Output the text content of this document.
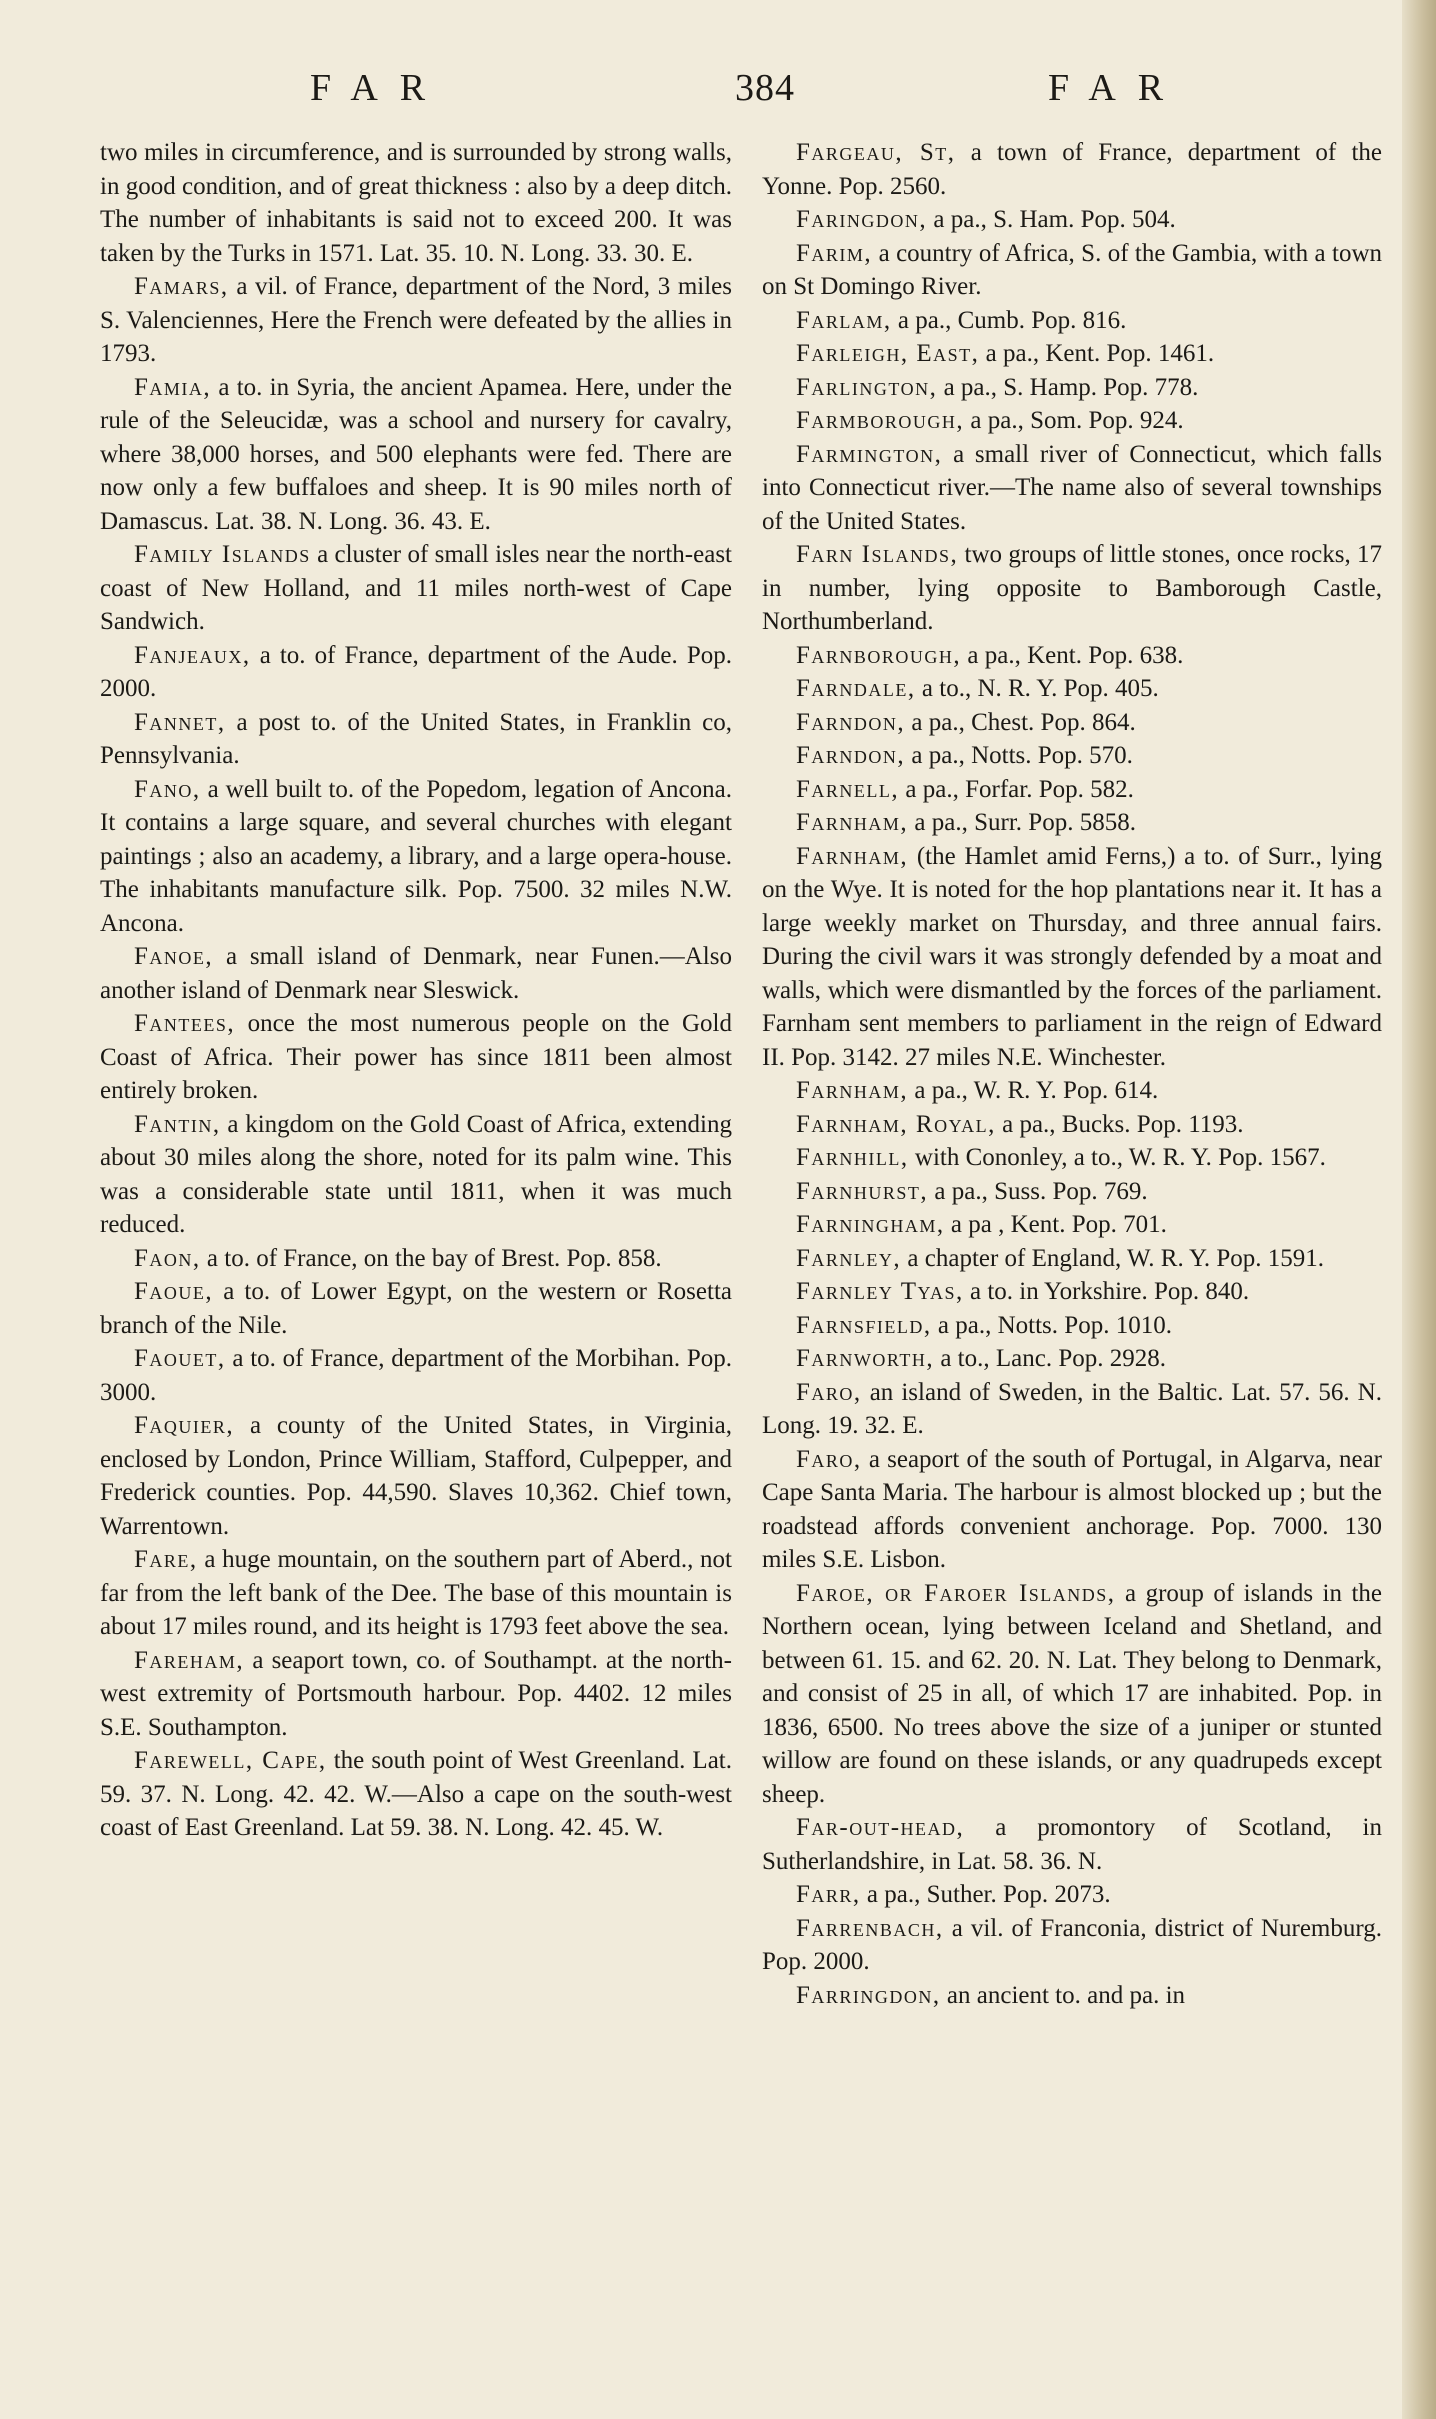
FAR	384	FAR

two miles in circumference, and is surrounded by strong walls, in good condition, and of great thickness : also by a deep ditch. The number of inhabitants is said not to exceed 200. It was taken by the Turks in 1571. Lat. 35. 10. N. Long. 33. 30. E.

Famars, a vil. of France, department of the Nord, 3 miles S. Valenciennes, Here the French were defeated by the allies in 1793.

Famia, a to. in Syria, the ancient Apamea. Here, under the rule of the Seleucidæ, was a school and nursery for cavalry, where 38,000 horses, and 500 elephants were fed. There are now only a few buffaloes and sheep. It is 90 miles north of Damascus. Lat. 38. N. Long. 36. 43. E.

Family Islands a cluster of small isles near the north-east coast of New Holland, and 11 miles north-west of Cape Sandwich.

Fanjeaux, a to. of France, department of the Aude. Pop. 2000.

Fannet, a post to. of the United States, in Franklin co, Pennsylvania.

Fano, a well built to. of the Popedom, legation of Ancona. It contains a large square, and several churches with elegant paintings ; also an academy, a library, and a large opera-house. The inhabitants manufacture silk. Pop. 7500. 32 miles N.W. Ancona.

Fanoe, a small island of Denmark, near Funen.—Also another island of Denmark near Sleswick.

Fantees, once the most numerous people on the Gold Coast of Africa. Their power has since 1811 been almost entirely broken.

Fantin, a kingdom on the Gold Coast of Africa, extending about 30 miles along the shore, noted for its palm wine. This was a considerable state until 1811, when it was much reduced.

Faon, a to. of France, on the bay of Brest. Pop. 858.

Faoue, a to. of Lower Egypt, on the western or Rosetta branch of the Nile.

Faouet, a to. of France, department of the Morbihan. Pop. 3000.

Faquier, a county of the United States, in Virginia, enclosed by London, Prince William, Stafford, Culpepper, and Frederick counties. Pop. 44,590. Slaves 10,362. Chief town, Warrentown.

Fare, a huge mountain, on the southern part of Aberd., not far from the left bank of the Dee. The base of this mountain is about 17 miles round, and its height is 1793 feet above the sea.

Fareham, a seaport town, co. of Southampt. at the north-west extremity of Portsmouth harbour. Pop. 4402. 12 miles S.E. Southampton.

Farewell, Cape, the south point of West Greenland. Lat. 59. 37. N. Long. 42. 42. W.—Also a cape on the south-west coast of East Greenland. Lat 59. 38. N. Long. 42. 45. W.

Fargeau, St, a town of France, department of the Yonne. Pop. 2560.

Faringdon, a pa., S. Ham. Pop. 504.

Farim, a country of Africa, S. of the Gambia, with a town on St Domingo River.

Farlam, a pa., Cumb. Pop. 816.

Farleigh, East, a pa., Kent. Pop. 1461.

Farlington, a pa., S. Hamp. Pop. 778.

Farmborough, a pa., Som. Pop. 924.

Farmington, a small river of Connecticut, which falls into Connecticut river.—The name also of several townships of the United States.

Farn Islands, two groups of little stones, once rocks, 17 in number, lying opposite to Bamborough Castle, Northumberland.

Farnborough, a pa., Kent. Pop. 638.

Farndale, a to., N. R. Y. Pop. 405.

Farndon, a pa., Chest. Pop. 864.

Farndon, a pa., Notts. Pop. 570.

Farnell, a pa., Forfar. Pop. 582.

Farnham, a pa., Surr. Pop. 5858.

Farnham, (the Hamlet amid Ferns,) a to. of Surr., lying on the Wye. It is noted for the hop plantations near it. It has a large weekly market on Thursday, and three annual fairs. During the civil wars it was strongly defended by a moat and walls, which were dismantled by the forces of the parliament. Farnham sent members to parliament in the reign of Edward II. Pop. 3142. 27 miles N.E. Winchester.

Farnham, a pa., W. R. Y. Pop. 614.

Farnham, Royal, a pa., Bucks. Pop. 1193.

Farnhill, with Cononley, a to., W. R. Y. Pop. 1567.

Farnhurst, a pa., Suss. Pop. 769.

Farningham, a pa , Kent. Pop. 701.

Farnley, a chapter of England, W. R. Y. Pop. 1591.

Farnley Tyas, a to. in Yorkshire. Pop. 840.

Farnsfield, a pa., Notts. Pop. 1010.

Farnworth, a to., Lanc. Pop. 2928.

Faro, an island of Sweden, in the Baltic. Lat. 57. 56. N. Long. 19. 32. E.

Faro, a seaport of the south of Portugal, in Algarva, near Cape Santa Maria. The harbour is almost blocked up ; but the roadstead affords convenient anchorage. Pop. 7000. 130 miles S.E. Lisbon.

Faroe, or Faroer Islands, a group of islands in the Northern ocean, lying between Iceland and Shetland, and between 61. 15. and 62. 20. N. Lat. They belong to Denmark, and consist of 25 in all, of which 17 are inhabited. Pop. in 1836, 6500. No trees above the size of a juniper or stunted willow are found on these islands, or any quadrupeds except sheep.

Far-out-head, a promontory of Scotland, in Sutherlandshire, in Lat. 58. 36. N.

Farr, a pa., Suther. Pop. 2073.

Farrenbach, a vil. of Franconia, district of Nuremburg. Pop. 2000.

Farringdon, an ancient to. and pa. in
